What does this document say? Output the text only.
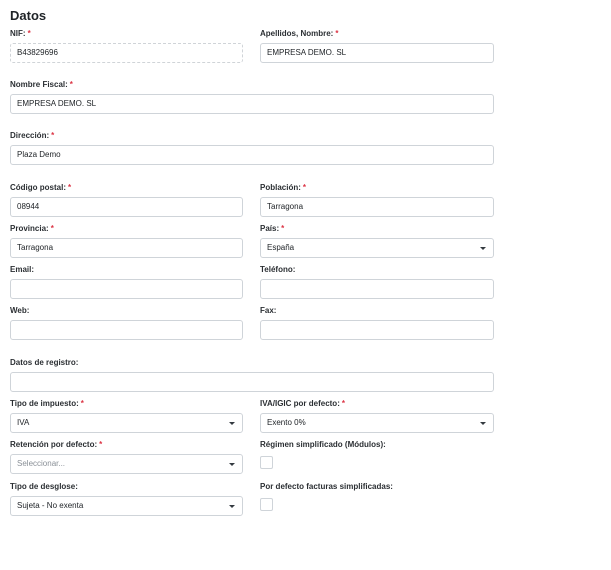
Datos
NIF: *
B43829696
Apellidos, Nombre: *
EMPRESA DEMO. SL
Nombre Fiscal: *
EMPRESA DEMO. SL
Dirección: *
Plaza Demo
Código postal: *
08944
Población: *
Tarragona
Provincia: *
Tarragona
País: *
España
Email:	Teléfono:
Web:	Fax:
Datos de registro:
Tipo de impuesto: *
IVA
IVA/IGIC por defecto: *
Exento 0%
Retención por defecto: *
Seleccionar...
Régimen simplificado (Módulos):
Tipo de desglose:
Sujeta - No exenta
Por defecto facturas simplificadas:
